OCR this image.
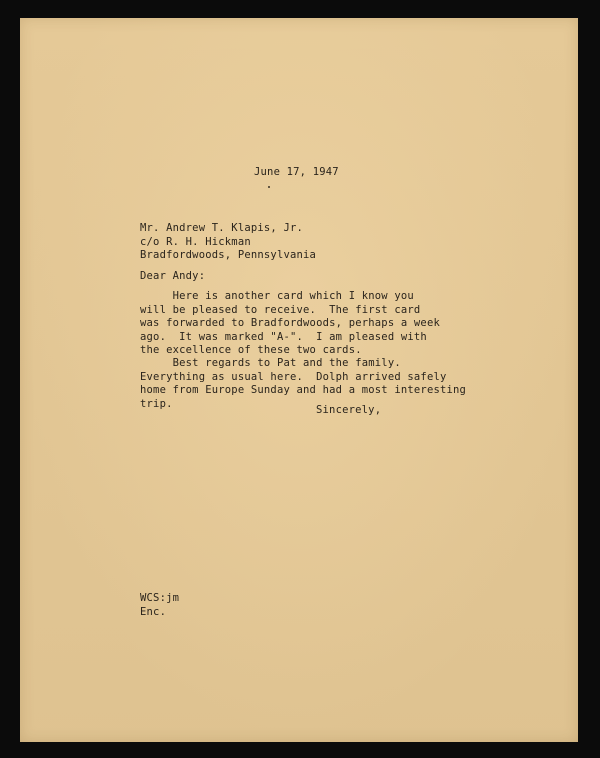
June 17, 1947
Mr. Andrew T. Klapis, Jr.
c/o R. H. Hickman
Bradfordwoods, Pennsylvania
Dear Andy:
Here is another card which I know you
will be pleased to receive.  The first card
was forwarded to Bradfordwoods, perhaps a week
ago.  It was marked "A-".  I am pleased with
the excellence of these two cards.
Best regards to Pat and the family.
Everything as usual here.  Dolph arrived safely
home from Europe Sunday and had a most interesting
trip.
Sincerely,
WCS:jm
Enc.
